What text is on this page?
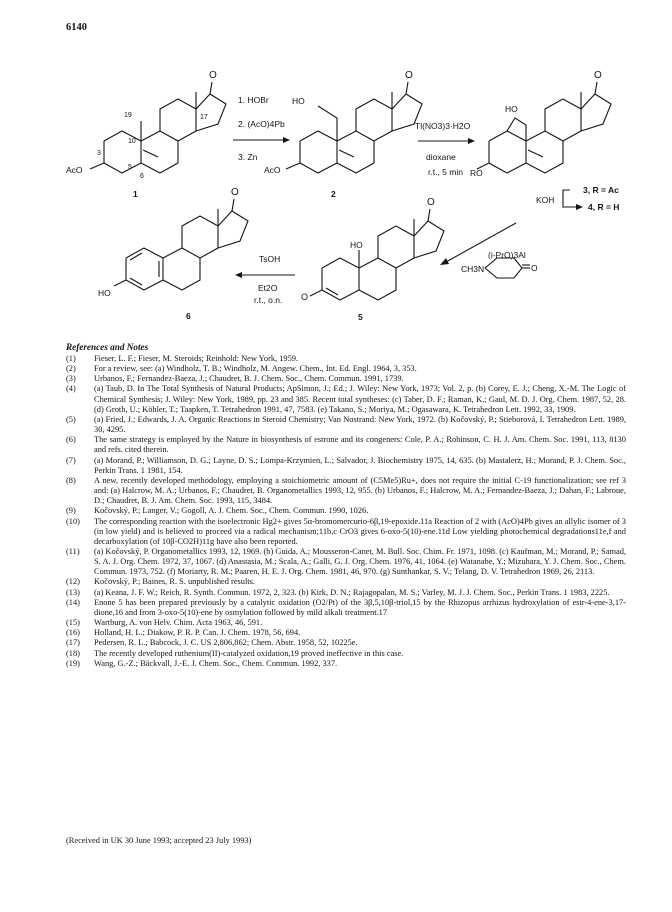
6140
O
AcO
19	17
10
3
5
6
1
1. HOBr
2. (AcO)4Pb
3. Zn
O
HO
AcO
2
Tl(NO3)3·H2O
dioxane
r.t., 5 min
O
HO
RO
KOH
3, R = Ac
4, R = H
(i-PrO)3Al
CH3N	O
O
HO
O
5
TsOH
Et2O
r.t., o.n.
O
HO
6
References and Notes
(1)	Fieser, L. F.; Fieser, M. Steroids; Reinhold: New York, 1959.
(2)	For a review, see: (a) Windholz, T. B.; Windholz, M. Angew. Chem., Int. Ed. Engl. 1964, 3, 353.
(3)	Urbanos, F.; Fernandez-Baeza, J.; Chaudret, B. J. Chem. Soc., Chem. Commun. 1991, 1739.
(4)	(a) Taub, D. In The Total Synthesis of Natural Products; ApSimon, J.; Ed.; J. Wiley: New York, 1973; Vol. 2, p. (b) Corey, E. J.; Cheng, X.-M. The Logic of Chemical Synthesis; J. Wiley: New York, 1989, pp. 23 and 385. Recent total syntheses: (c) Taber, D. F.; Raman, K.; Gaul, M. D. J. Org. Chem. 1987, 52, 28. (d) Groth, U.; Köhler, T.; Taapken, T. Tetrahedron 1991, 47, 7583. (e) Takano, S.; Moriya, M.; Ogasawara, K. Tetrahedron Lett. 1992, 33, 1909.
(5)	(a) Fried, J.; Edwards, J. A. Organic Reactions in Steroid Chemistry; Van Nostrand: New York, 1972. (b) Kočovský, P.; Stieborová, I. Tetrahedron Lett. 1989, 30, 4295.
(6)	The same strategy is employed by the Nature in biosynthesis of estrone and its congeners: Cole, P. A.; Robinson, C. H. J. Am. Chem. Soc. 1991, 113, 8130 and refs. cited therein.
(7)	(a) Morand, P.; Williamson, D. G.; Layne, D. S.; Lompa-Krzymien, L.; Salvador, J. Biochemistry 1975, 14, 635. (b) Mastalerz, H.; Morand, P. J. Chem. Soc., Perkin Trans. 1 1981, 154.
(8)	A new, recently developed methodology, employing a stoichiometric amount of (C5Me5)Ru+, does not require the initial C-19 functionalization; see ref 3 and: (a) Halcrow, M. A.; Urbanos, F.; Chaudret, B. Organometallics 1993, 12, 955. (b) Urbanos, F.; Halcrow, M. A.; Fernandez-Baeza, J.; Dahan, F.; Labroue, D.; Chaudret, B. J. Am. Chem. Soc. 1993, 115, 3484.
(9)	Kočovský, P.; Langer, V.; Gogoll, A. J. Chem. Soc., Chem. Commun. 1990, 1026.
(10)	The corresponding reaction with the isoelectronic Hg2+ gives 5α-bromomercurio-6β,19-epoxide.11a Reaction of 2 with (AcO)4Pb gives an allylic isomer of 3 (in low yield) and is believed to proceed via a radical mechanism;11b,c CrO3 gives 6-oxo-5(10)-ene.11d Low yielding photochemical degradations11e,f and decarboxylation (of 10β-CO2H)11g have also been reported.
(11)	(a) Kočovský, P. Organometallics 1993, 12, 1969. (b) Guida, A.; Mousseron-Canet, M. Bull. Soc. Chim. Fr. 1971, 1098. (c) Kaufman, M.; Morand, P.; Samad, S. A. J. Org. Chem. 1972, 37, 1067. (d) Anastasia, M.; Scala, A.; Galli, G. J. Org. Chem. 1976, 41, 1064. (e) Watanabe, Y.; Mizuhara, Y. J. Chem. Soc., Chem. Commun. 1973, 752. (f) Moriarty, R. M.; Paaren, H. E. J. Org. Chem. 1981, 46, 970. (g) Sunthankar, S. V.; Telang, D. V. Tetrahedron 1969, 26, 2113.
(12)	Kočovský, P.; Baines, R. S. unpublished results.
(13)	(a) Keana, J. F. W.; Reich, R. Synth. Commun. 1972, 2, 323. (b) Kirk, D. N.; Rajagopalan, M. S.; Varley, M. J. J. Chem. Soc., Perkin Trans. 1 1983, 2225.
(14)	Enone 5 has been prepared previously by a catalytic oxidation (O2/Pt) of the 3β,5,10β-triol,15 by the Rhizopus arrhizus hydroxylation of estr-4-ene-3,17-dione,16 and from 3-oxo-5(10)-ene by osmylation followed by mild alkali treatment.17
(15)	Wartburg, A. von Helv. Chim. Acta 1963, 46, 591.
(16)	Holland, H. L.; Diakow, P. R. P. Can. J. Chem. 1978, 56, 694.
(17)	Pedersen, R. L.; Babcock, J. C. US 2,806,862; Chem. Abstr. 1958, 52, 10225e.
(18)	The recently developed ruthenium(II)-catalyzed oxidation,19 proved ineffective in this case.
(19)	Wang, G.-Z.; Bäckvall, J.-E. J. Chem. Soc., Chem. Commun. 1992, 337.
(Received in UK 30 June 1993; accepted 23 July 1993)
